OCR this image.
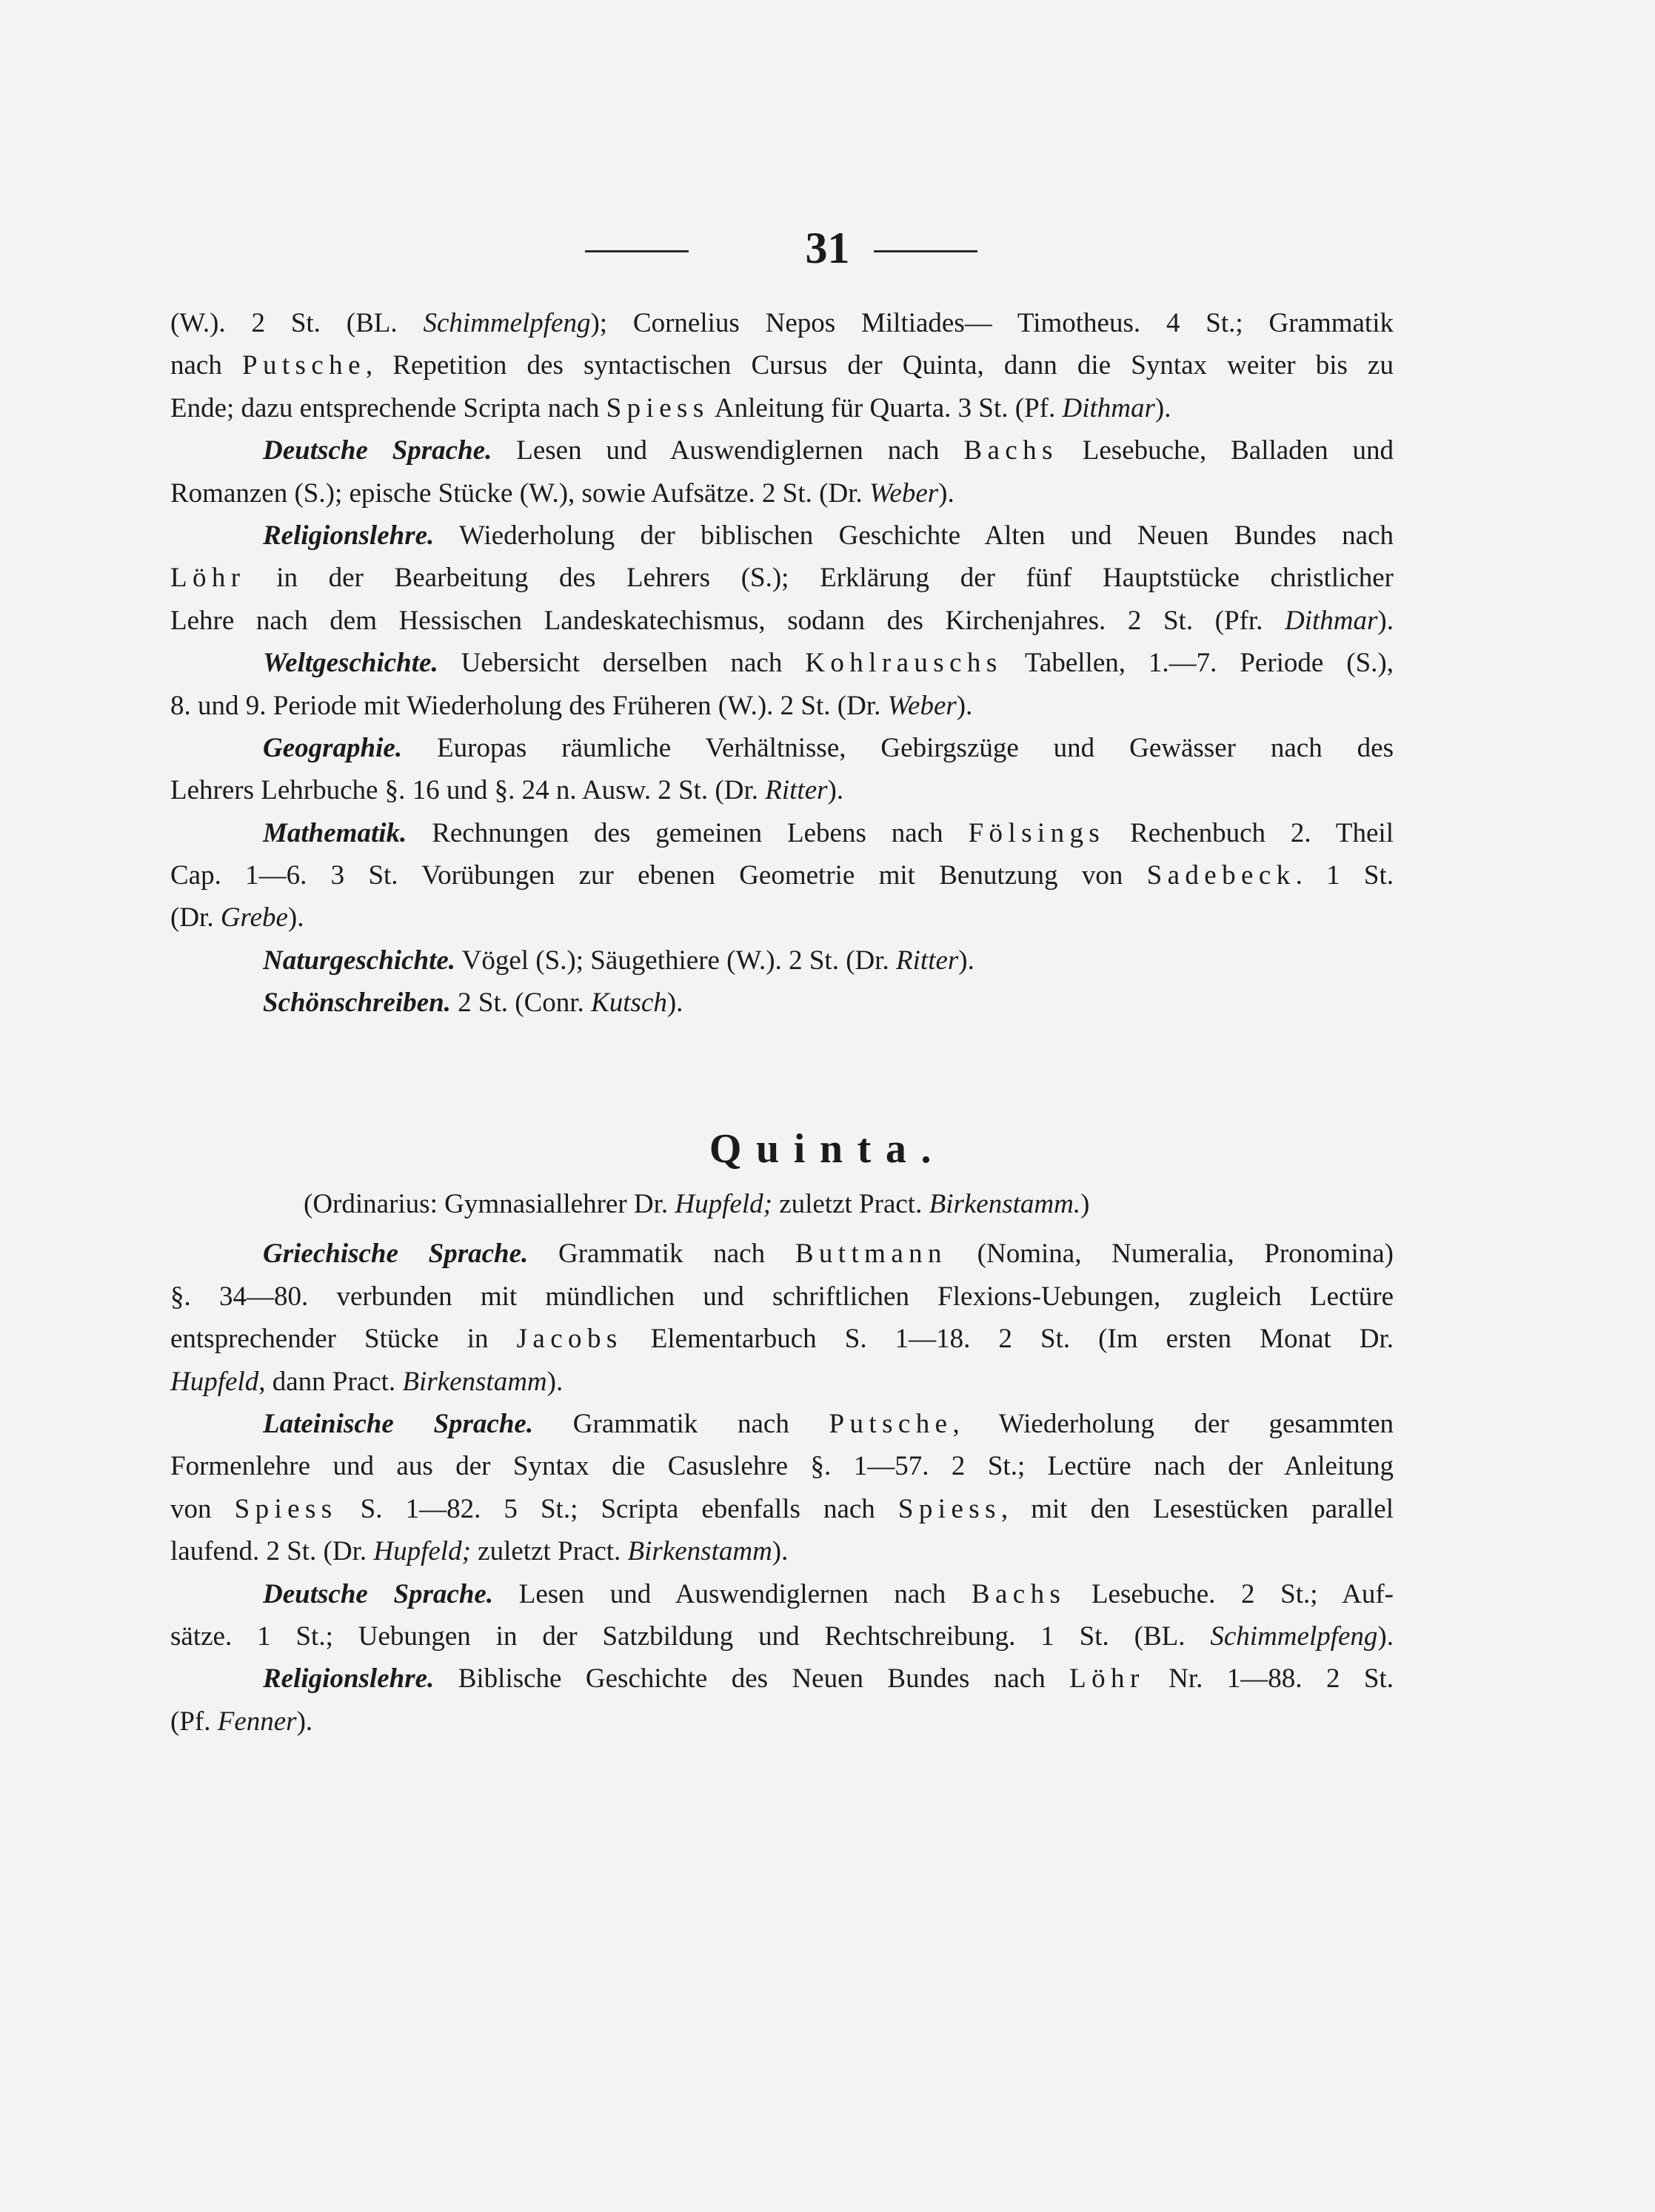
31
(W.). 2 St. (BL. Schimmelpfeng); Cornelius Nepos Miltiades— Timotheus. 4 St.; Grammatik
nach Putsche, Repetition des syntactischen Cursus der Quinta, dann die Syntax weiter bis zu
Ende; dazu entsprechende Scripta nach Spiess Anleitung für Quarta. 3 St. (Pf. Dithmar).
Deutsche Sprache. Lesen und Auswendiglernen nach Bachs Lesebuche, Balladen und
Romanzen (S.); epische Stücke (W.), sowie Aufsätze. 2 St. (Dr. Weber).
Religionslehre. Wiederholung der biblischen Geschichte Alten und Neuen Bundes nach
Löhr in der Bearbeitung des Lehrers (S.); Erklärung der fünf Hauptstücke christlicher
Lehre nach dem Hessischen Landeskatechismus, sodann des Kirchenjahres. 2 St. (Pfr. Dithmar).
Weltgeschichte. Uebersicht derselben nach Kohlrauschs Tabellen, 1.—7. Periode (S.),
8. und 9. Periode mit Wiederholung des Früheren (W.). 2 St. (Dr. Weber).
Geographie. Europas räumliche Verhältnisse, Gebirgszüge und Gewässer nach des
Lehrers Lehrbuche §. 16 und §. 24 n. Ausw. 2 St. (Dr. Ritter).
Mathematik. Rechnungen des gemeinen Lebens nach Fölsings Rechenbuch 2. Theil
Cap. 1—6. 3 St. Vorübungen zur ebenen Geometrie mit Benutzung von Sadebeck. 1 St.
(Dr. Grebe).
Naturgeschichte. Vögel (S.); Säugethiere (W.). 2 St. (Dr. Ritter).
Schönschreiben. 2 St. (Conr. Kutsch).
Quinta.
(Ordinarius: Gymnasiallehrer Dr. Hupfeld; zuletzt Pract. Birkenstamm.)
Griechische Sprache. Grammatik nach Buttmann (Nomina, Numeralia, Pronomina)
§. 34—80. verbunden mit mündlichen und schriftlichen Flexions-Uebungen, zugleich Lectüre
entsprechender Stücke in Jacobs Elementarbuch S. 1—18. 2 St. (Im ersten Monat Dr.
Hupfeld, dann Pract. Birkenstamm).
Lateinische Sprache. Grammatik nach Putsche, Wiederholung der gesammten
Formenlehre und aus der Syntax die Casuslehre §. 1—57. 2 St.; Lectüre nach der Anleitung
von Spiess S. 1—82. 5 St.; Scripta ebenfalls nach Spiess, mit den Lesestücken parallel
laufend. 2 St. (Dr. Hupfeld; zuletzt Pract. Birkenstamm).
Deutsche Sprache. Lesen und Auswendiglernen nach Bachs Lesebuche. 2 St.; Auf-
sätze. 1 St.; Uebungen in der Satzbildung und Rechtschreibung. 1 St. (BL. Schimmelpfeng).
Religionslehre. Biblische Geschichte des Neuen Bundes nach Löhr Nr. 1—88. 2 St.
(Pf. Fenner).
